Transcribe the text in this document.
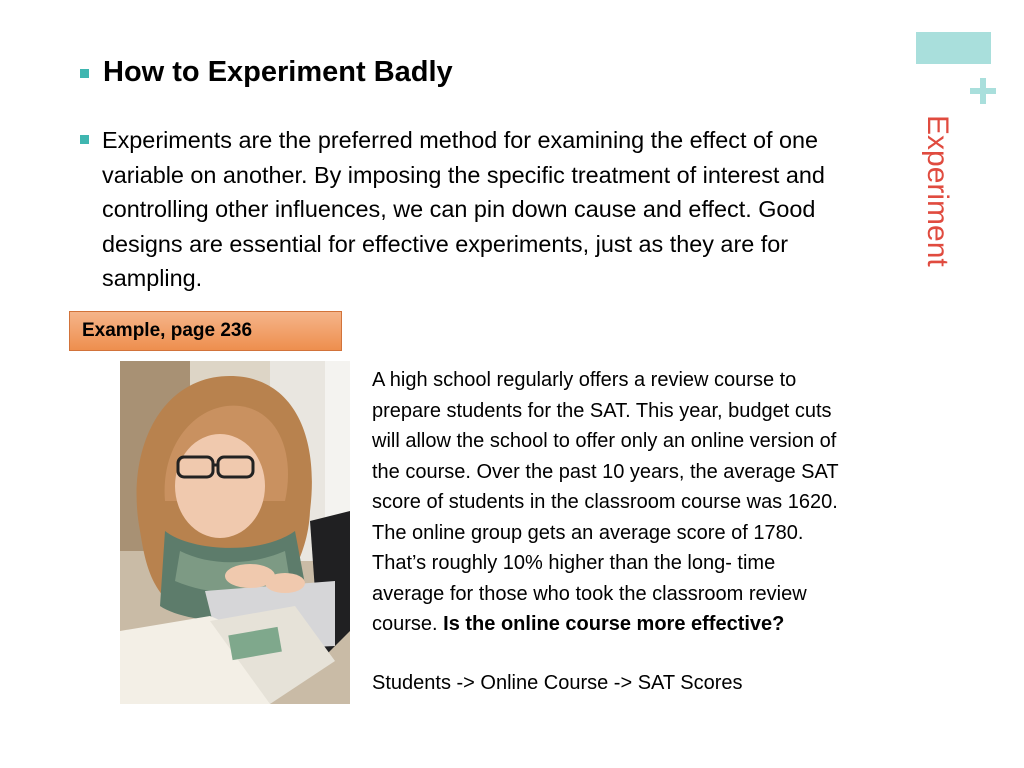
Experiment
How to Experiment Badly
Experiments are the preferred method for examining the effect of one variable on another. By imposing the specific treatment of interest and controlling other influences, we can pin down cause and effect. Good designs are essential for effective experiments, just as they are for sampling.
Example, page 236
A high school regularly offers a review course to
prepare students for the SAT. This year, budget cuts
will allow the school to offer only an online version of
the course. Over the past 10 years, the average SAT
score of students in the classroom course was 1620.
The online group gets an average score of 1780.
That’s roughly 10% higher than the long- time
average for those who took the classroom review
course. Is the online course more effective?
Students -> Online Course -> SAT Scores
